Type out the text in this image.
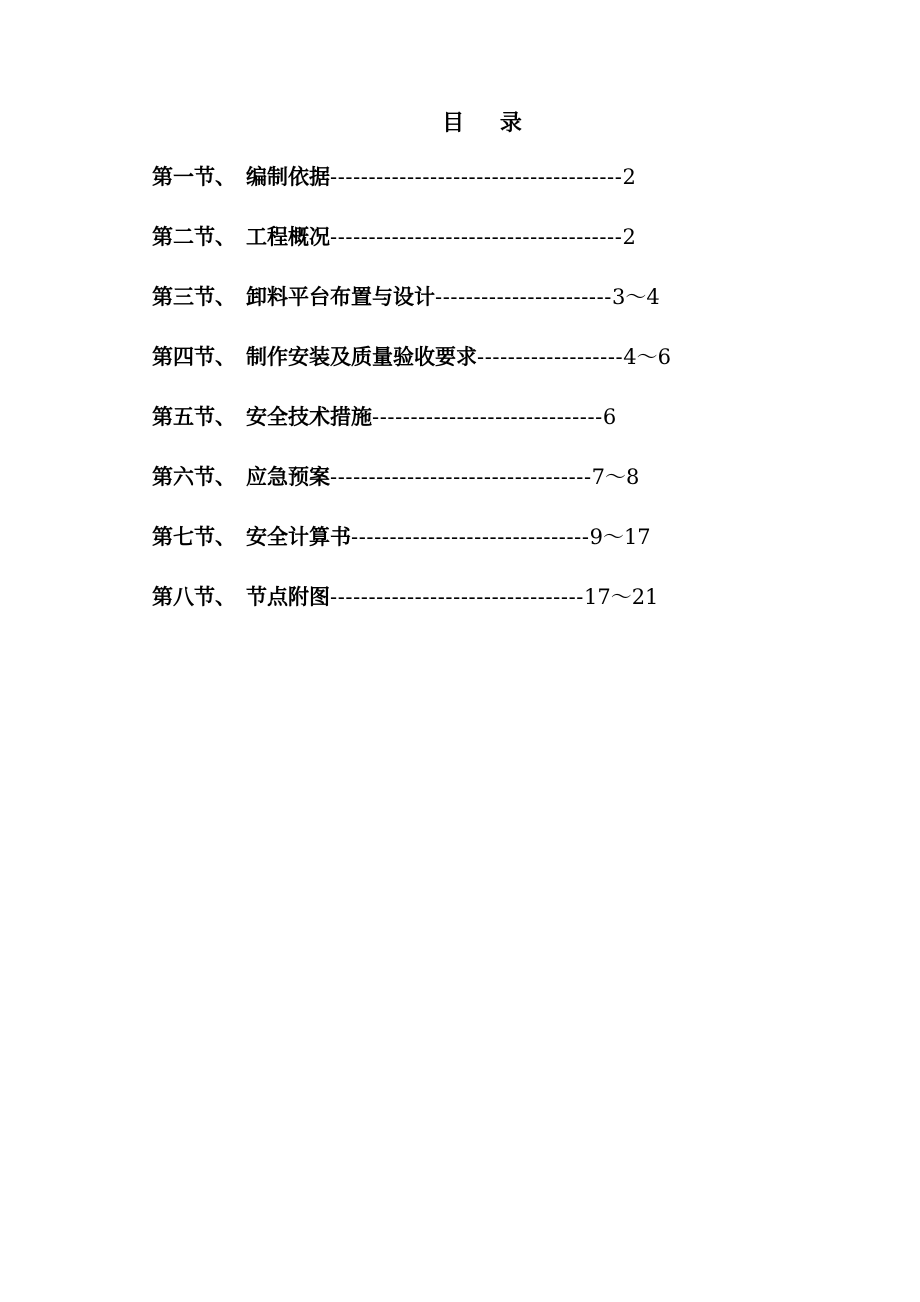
目 录
第一节、 编制依据--------------------------------------2
第二节、 工程概况--------------------------------------2
第三节、 卸料平台布置与设计-----------------------3～4
第四节、 制作安装及质量验收要求-------------------4～6
第五节、 安全技术措施------------------------------6
第六节、 应急预案----------------------------------7～8
第七节、 安全计算书-------------------------------9～17
第八节、 节点附图---------------------------------17～21
